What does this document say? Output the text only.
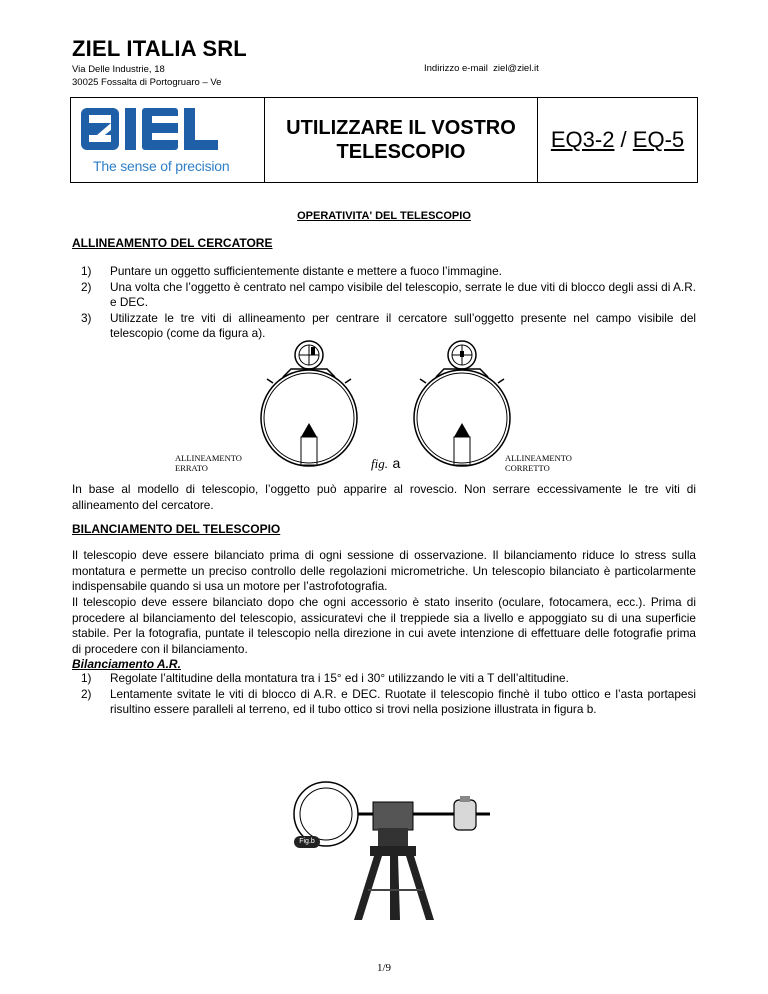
ZIEL ITALIA SRL
Via Delle Industrie, 18
30025 Fossalta di Portogruaro – Ve
Indirizzo e-mail ziel@ziel.it
The sense of precision
UTILIZZARE IL VOSTRO
TELESCOPIO	EQ3-2 / EQ-5
OPERATIVITA' DEL TELESCOPIO
ALLINEAMENTO DEL CERCATORE
1) Puntare un oggetto sufficientemente distante e mettere a fuoco l’immagine.
2) Una volta che l’oggetto è centrato nel campo visibile del telescopio, serrate le due viti di blocco degli assi di A.R. e DEC.
3) Utilizzate le tre viti di allineamento per centrare il cercatore sull’oggetto presente nel campo visibile del telescopio (come da figura a).
ALLINEAMENTO
ERRATO	fig. a	ALLINEAMENTO
CORRETTO
In base al modello di telescopio, l’oggetto può apparire al rovescio. Non serrare eccessivamente le tre viti di allineamento del cercatore.
BILANCIAMENTO DEL TELESCOPIO
Il telescopio deve essere bilanciato prima di ogni sessione di osservazione. Il bilanciamento riduce lo stress sulla montatura e permette un preciso controllo delle regolazioni micrometriche. Un telescopio bilanciato è particolarmente indispensabile quando si usa un motore per l’astrofotografia.
Il telescopio deve essere bilanciato dopo che ogni accessorio è stato inserito (oculare, fotocamera, ecc.). Prima di procedere al bilanciamento del telescopio, assicuratevi che il treppiede sia a livello e appoggiato su di una superficie stabile. Per la fotografia, puntate il telescopio nella direzione in cui avete intenzione di effettuare delle fotografie prima di procedere con il bilanciamento.
Bilanciamento A.R.
1) Regolate l’altitudine della montatura tra i 15° ed i 30° utilizzando le viti a T dell’altitudine.
2) Lentamente svitate le viti di blocco di A.R. e DEC. Ruotate il telescopio finchè il tubo ottico e l’asta portapesi risultino essere paralleli al terreno, ed il tubo ottico si trovi nella posizione illustrata in figura b.
Fig.b
1/9
